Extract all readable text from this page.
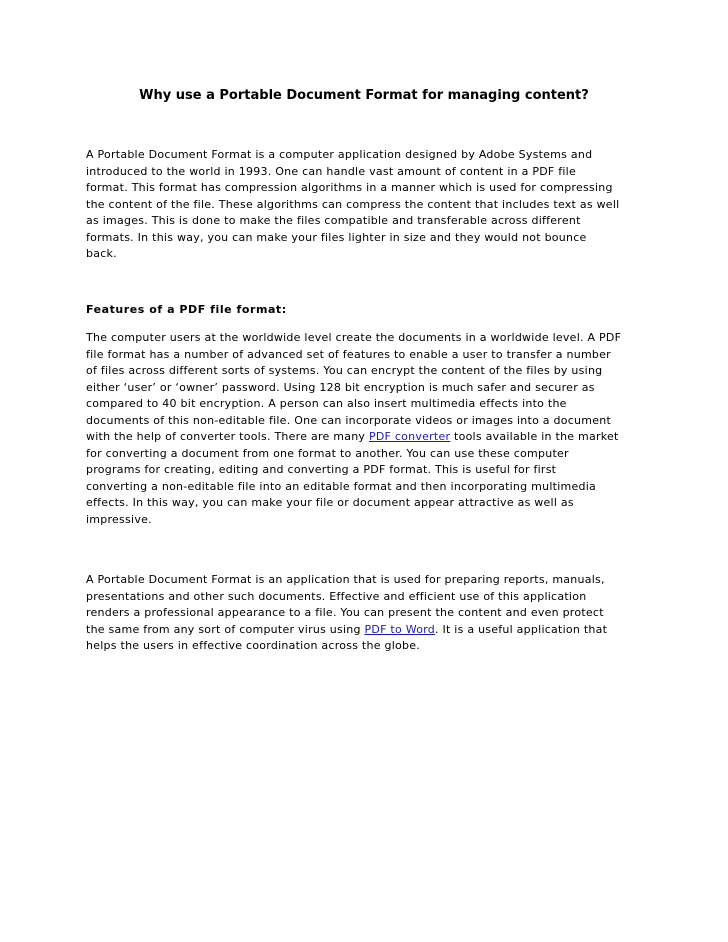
Why use a Portable Document Format for managing content?
A Portable Document Format is a computer application designed by Adobe Systems and
introduced to the world in 1993. One can handle vast amount of content in a PDF file
format. This format has compression algorithms in a manner which is used for compressing
the content of the file. These algorithms can compress the content that includes text as well
as images. This is done to make the files compatible and transferable across different
formats. In this way, you can make your files lighter in size and they would not bounce
back.
Features of a PDF file format:
The computer users at the worldwide level create the documents in a worldwide level. A PDF
file format has a number of advanced set of features to enable a user to transfer a number
of files across different sorts of systems. You can encrypt the content of the files by using
either ‘user’ or ‘owner’ password. Using 128 bit encryption is much safer and securer as
compared to 40 bit encryption. A person can also insert multimedia effects into the
documents of this non-editable file. One can incorporate videos or images into a document
with the help of converter tools. There are many PDF converter tools available in the market
for converting a document from one format to another. You can use these computer
programs for creating, editing and converting a PDF format. This is useful for first
converting a non-editable file into an editable format and then incorporating multimedia
effects. In this way, you can make your file or document appear attractive as well as
impressive.
A Portable Document Format is an application that is used for preparing reports, manuals,
presentations and other such documents. Effective and efficient use of this application
renders a professional appearance to a file. You can present the content and even protect
the same from any sort of computer virus using PDF to Word. It is a useful application that
helps the users in effective coordination across the globe.
